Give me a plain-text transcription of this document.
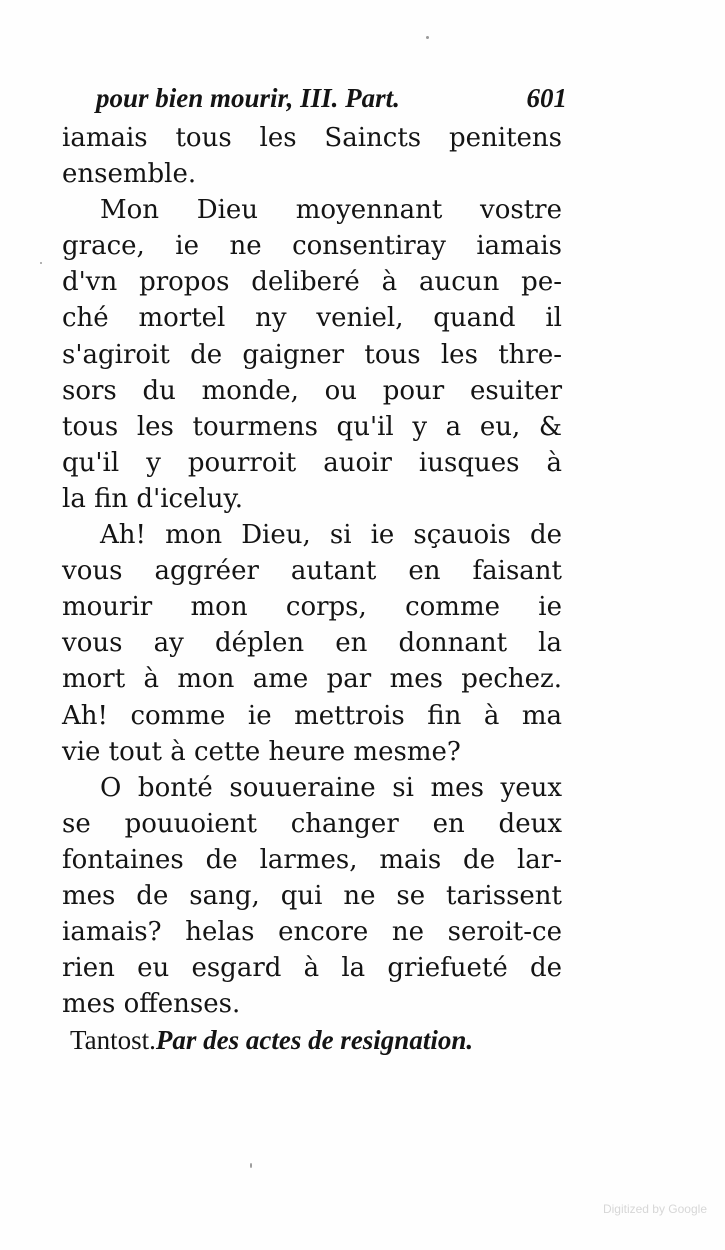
pour bien mourir, III. Part.	601
iamais tous les Saincts penitens
ensemble.
Mon Dieu moyennant vostre
grace, ie ne consentiray iamais
d'vn propos deliberé à aucun pe-
ché mortel ny veniel, quand il
s'agiroit de gaigner tous les thre-
sors du monde, ou pour esuiter
tous les tourmens qu'il y a eu, &
qu'il y pourroit auoir iusques à
la fin d'iceluy.
Ah! mon Dieu, si ie sçauois de
vous aggréer autant en faisant
mourir mon corps, comme ie
vous ay déplen en donnant la
mort à mon ame par mes pechez.
Ah! comme ie mettrois fin à ma
vie tout à cette heure mesme?
O bonté souueraine si mes yeux
se pouuoient changer en deux
fontaines de larmes, mais de lar-
mes de sang, qui ne se tarissent
iamais? helas encore ne seroit-ce
rien eu esgard à la griefueté de
mes offenses.
Tantost.Par des actes de resignation.
Digitized by Google
